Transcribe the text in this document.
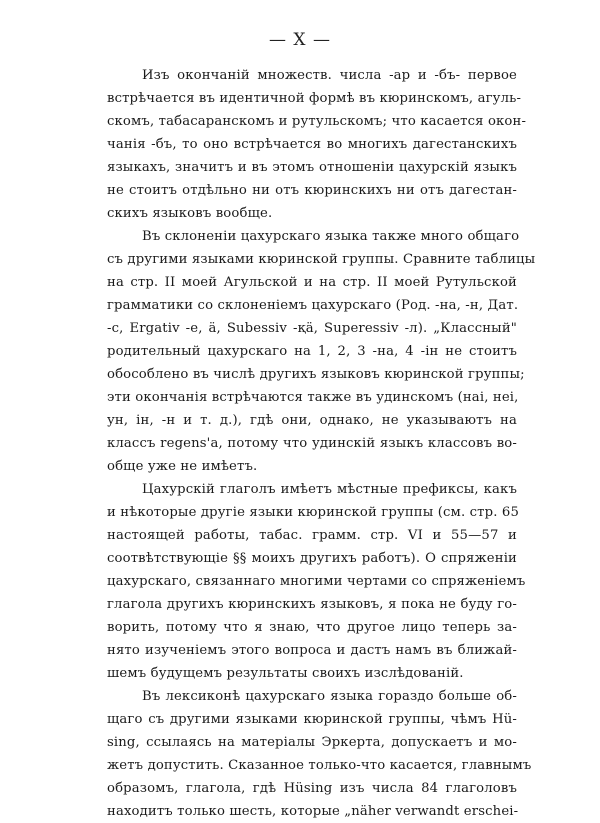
— X —
Изъ окончаній множеств. числа -ар и -бъ- первое
встрѣчается въ идентичной формѣ въ кюринскомъ, агуль-
скомъ, табасаранскомъ и рутульскомъ; что касается окон-
чанія -бъ, то оно встрѣчается во многихъ дагестанскихъ
языкахъ, значитъ и въ этомъ отношеніи цахурскій языкъ
не стоитъ отдѣльно ни отъ кюринскихъ ни отъ дагестан-
скихъ языковъ вообще.
Въ склоненіи цахурскаго языка также много общаго
съ другими языками кюринской группы. Сравните таблицы
на стр. II моей Агульской и на стр. II моей Рутульской
грамматики со склоненіемъ цахурскаго (Род. -на, -н, Дат.
-с, Ergativ -е, ä, Subessiv -қä, Superessiv -л). „Классный"
родительный цахурскаго на 1, 2, 3 -на, 4 -ін не стоитъ
обособлено въ числѣ другихъ языковъ кюринской группы;
эти окончанія встрѣчаются также въ удинскомъ (наі, неі,
ун, ін, -н и т. д.), гдѣ они, однако, не указываютъ на
классъ regens'а, потому что удинскій языкъ классовъ во-
обще уже не имѣетъ.
Цахурскій глаголъ имѣетъ мѣстные префиксы, какъ
и нѣкоторые другіе языки кюринской группы (см. стр. 65
настоящей работы, табас. грамм. стр. VI и 55—57 и
соотвѣтствующіе §§ моихъ другихъ работъ). О спряженіи
цахурскаго, связаннаго многими чертами со спряженіемъ
глагола другихъ кюринскихъ языковъ, я пока не буду го-
ворить, потому что я знаю, что другое лицо теперь за-
нято изученіемъ этого вопроса и дастъ намъ въ ближай-
шемъ будущемъ результаты своихъ изслѣдованій.
Въ лексиконѣ цахурскаго языка гораздо больше об-
щаго съ другими языками кюринской группы, чѣмъ Hü-
sing, ссылаясь на матеріалы Эркерта, допускаетъ и мо-
жетъ допустить. Сказанное только-что касается, главнымъ
образомъ, глагола, гдѣ Hüsing изъ числа 84 глаголовъ
находитъ только шесть, которые „näher verwandt erschei-
